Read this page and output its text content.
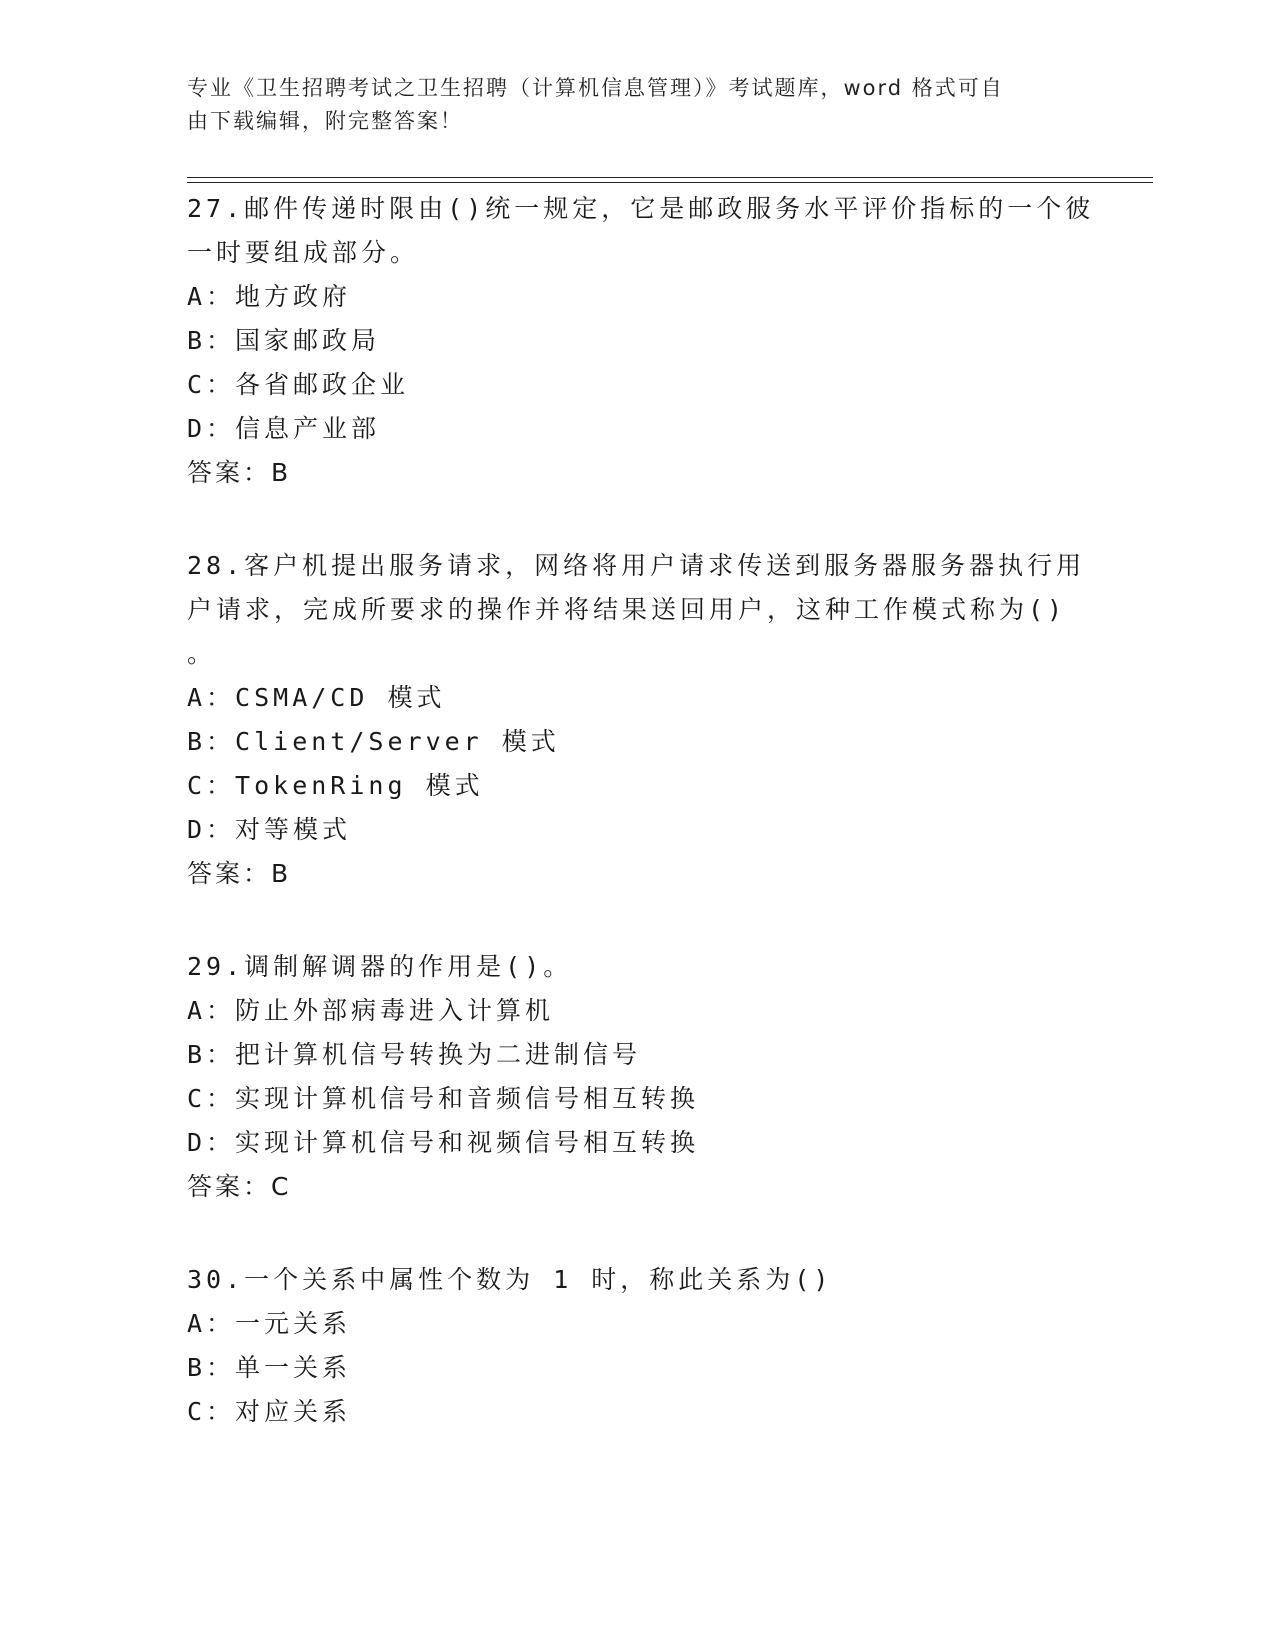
专业《卫生招聘考试之卫生招聘（计算机信息管理）》考试题库，word 格式可自
由下载编辑，附完整答案！
27.邮件传递时限由()统一规定，它是邮政服务水平评价指标的一个彼
一时要组成部分。
A：地方政府
B：国家邮政局
C：各省邮政企业
D：信息产业部
答案：B
28.客户机提出服务请求，网络将用户请求传送到服务器服务器执行用
户请求，完成所要求的操作并将结果送回用户，这种工作模式称为()
。
A：CSMA/CD 模式
B：Client/Server 模式
C：TokenRing 模式
D：对等模式
答案：B
29.调制解调器的作用是()。
A：防止外部病毒进入计算机
B：把计算机信号转换为二进制信号
C：实现计算机信号和音频信号相互转换
D：实现计算机信号和视频信号相互转换
答案：C
30.一个关系中属性个数为 1 时，称此关系为()
A：一元关系
B：单一关系
C：对应关系
